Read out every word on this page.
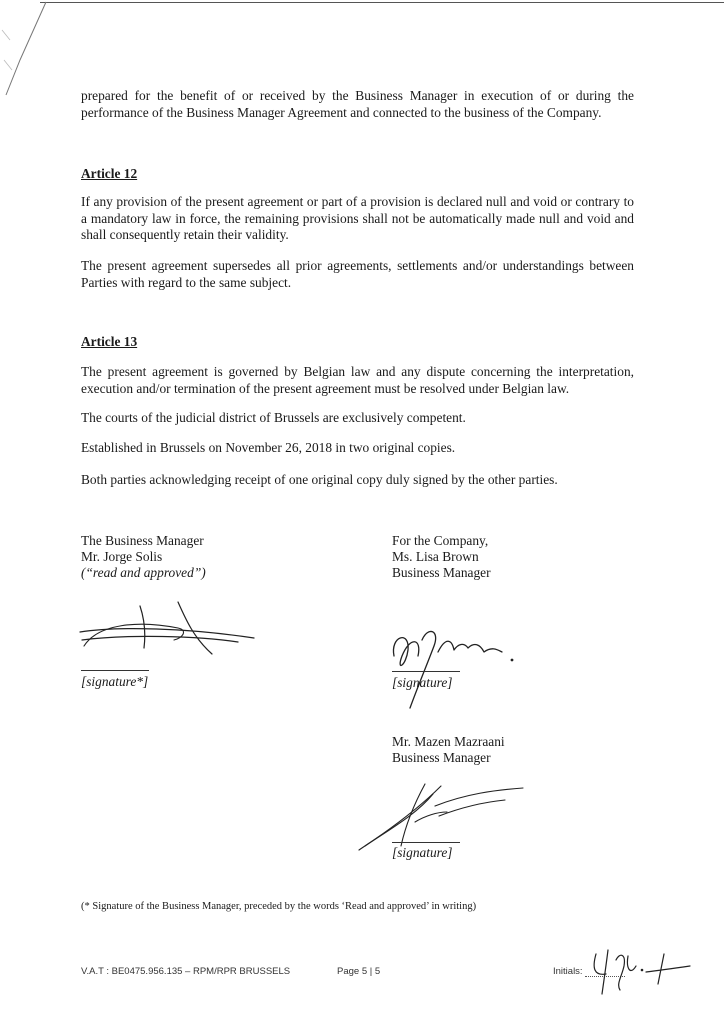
prepared for the benefit of or received by the Business Manager in execution of or during the performance of the Business Manager Agreement and connected to the business of the Company.

Article 12

If any provision of the present agreement or part of a provision is declared null and void or contrary to a mandatory law in force, the remaining provisions shall not be automatically made null and void and shall consequently retain their validity.

The present agreement supersedes all prior agreements, settlements and/or understandings between Parties with regard to the same subject.

Article 13

The present agreement is governed by Belgian law and any dispute concerning the interpretation, execution and/or termination of the present agreement must be resolved under Belgian law.

The courts of the judicial district of Brussels are exclusively competent.

Established in Brussels on November 26, 2018 in two original copies.

Both parties acknowledging receipt of one original copy duly signed by the other parties.

The Business Manager
Mr. Jorge Solis
(“read and approved”)
[signature*]
For the Company,
Ms. Lisa Brown
Business Manager
[signature]
Mr. Mazen Mazraani
Business Manager
[signature]
(* Signature of the Business Manager, preceded by the words ‘Read and approved’ in writing)
V.A.T : BE0475.956.135 – RPM/RPR BRUSSELS	Page 5 | 5	Initials:
